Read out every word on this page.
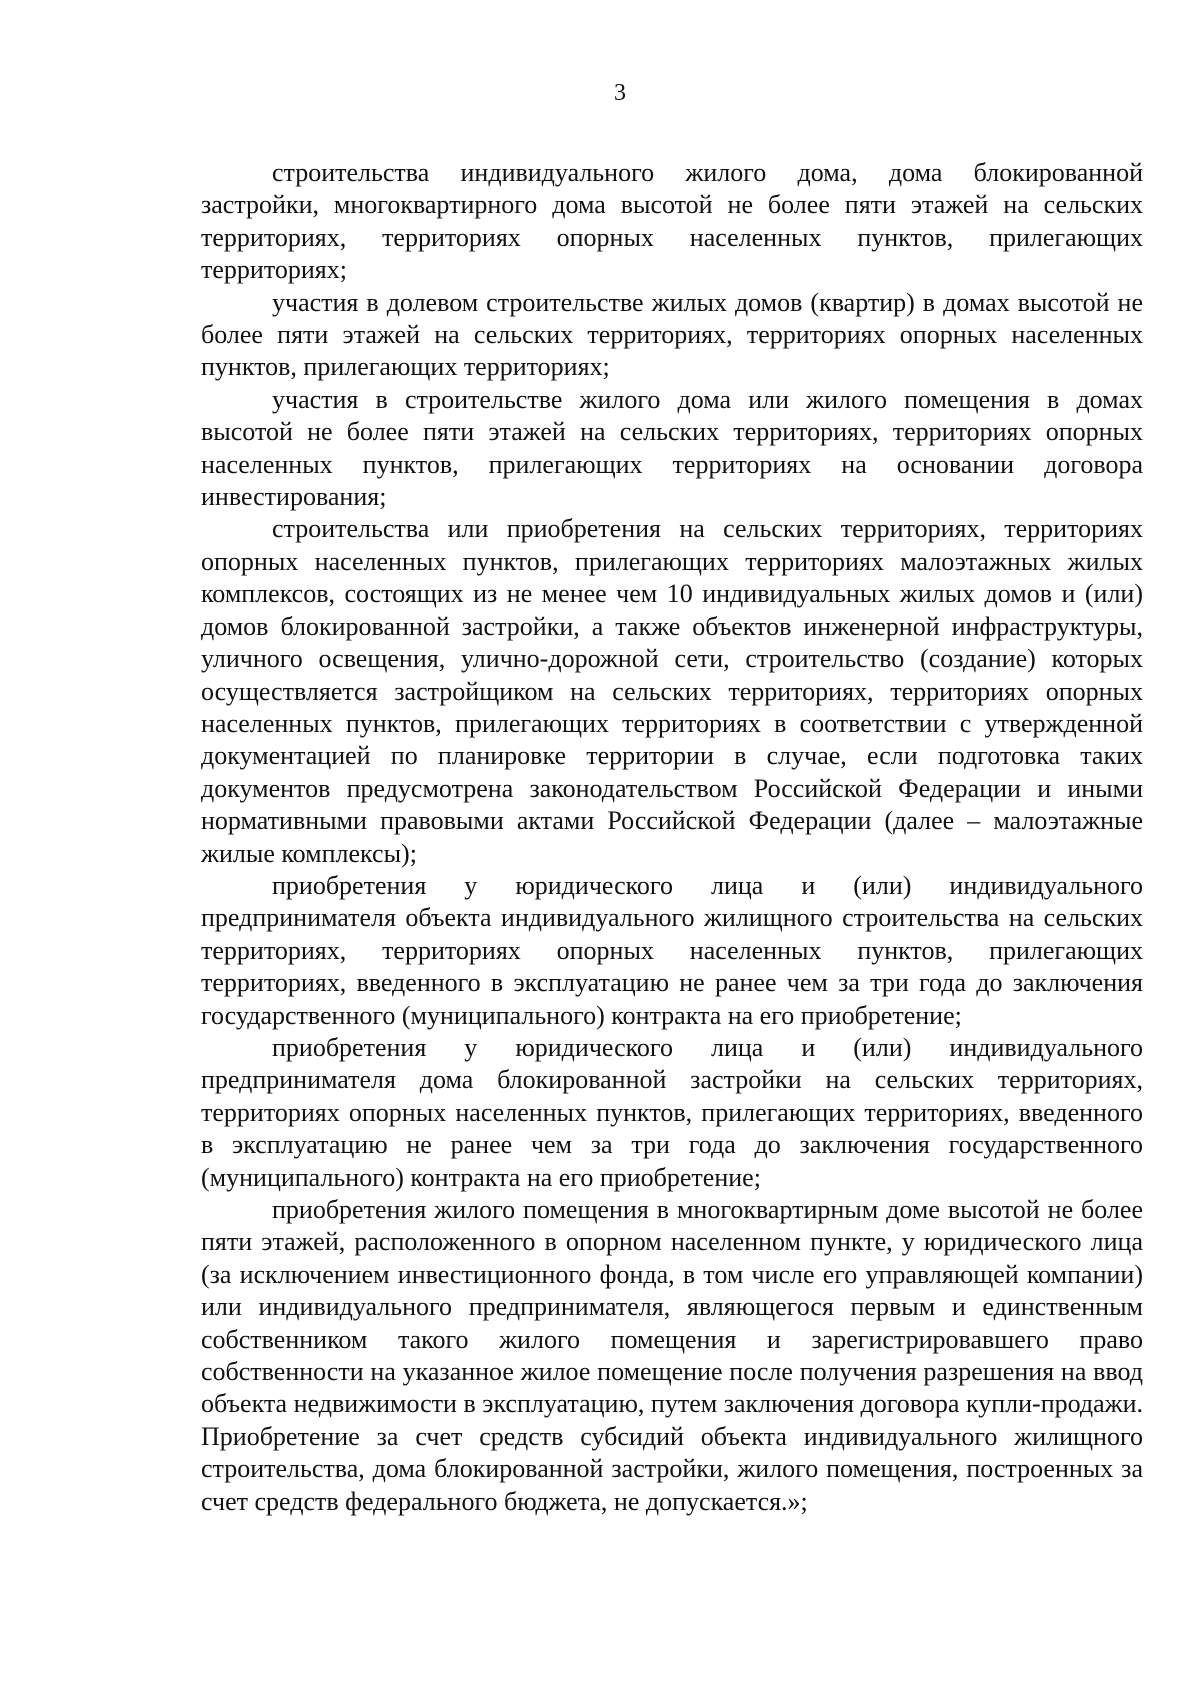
3

строительства индивидуального жилого дома, дома блокированной застройки, многоквартирного дома высотой не более пяти этажей на сельских территориях, территориях опорных населенных пунктов, прилегающих территориях;

участия в долевом строительстве жилых домов (квартир) в домах высотой не более пяти этажей на сельских территориях, территориях опорных населенных пунктов, прилегающих территориях;

участия в строительстве жилого дома или жилого помещения в домах высотой не более пяти этажей на сельских территориях, территориях опорных населенных пунктов, прилегающих территориях на основании договора инвестирования;

строительства или приобретения на сельских территориях, территориях опорных населенных пунктов, прилегающих территориях малоэтажных жилых комплексов, состоящих из не менее чем 10 индивидуальных жилых домов и (или) домов блокированной застройки, а также объектов инженерной инфраструктуры, уличного освещения, улично-дорожной сети, строительство (создание) которых осуществляется застройщиком на сельских территориях, территориях опорных населенных пунктов, прилегающих территориях в соответствии с утвержденной документацией по планировке территории в случае, если подготовка таких документов предусмотрена законодательством Российской Федерации и иными нормативными правовыми актами Российской Федерации (далее – малоэтажные жилые комплексы);

приобретения у юридического лица и (или) индивидуального предпринимателя объекта индивидуального жилищного строительства на сельских территориях, территориях опорных населенных пунктов, прилегающих территориях, введенного в эксплуатацию не ранее чем за три года до заключения государственного (муниципального) контракта на его приобретение;

приобретения у юридического лица и (или) индивидуального предпринимателя дома блокированной застройки на сельских территориях, территориях опорных населенных пунктов, прилегающих территориях, введенного в эксплуатацию не ранее чем за три года до заключения государственного (муниципального) контракта на его приобретение;

приобретения жилого помещения в многоквартирным доме высотой не более пяти этажей, расположенного в опорном населенном пункте, у юридического лица (за исключением инвестиционного фонда, в том числе его управляющей компании) или индивидуального предпринимателя, являющегося первым и единственным собственником такого жилого помещения и зарегистрировавшего право собственности на указанное жилое помещение после получения разрешения на ввод объекта недвижимости в эксплуатацию, путем заключения договора купли-продажи. Приобретение за счет средств субсидий объекта индивидуального жилищного строительства, дома блокированной застройки, жилого помещения, построенных за счет средств федерального бюджета, не допускается.»;
